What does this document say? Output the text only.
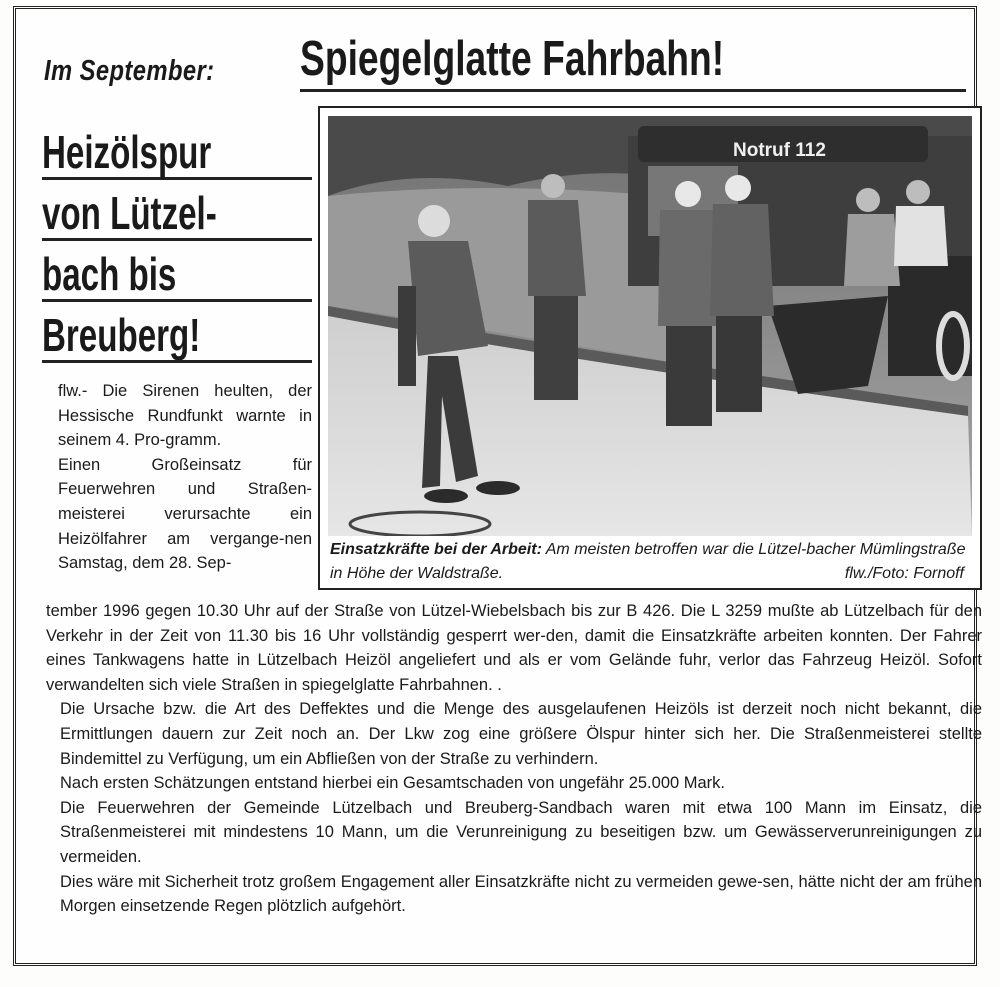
Im September: Spiegelglatte Fahrbahn!
Heizölspur
von Lützel-
bach bis
Breuberg!
Notruf 112
Einsatzkräfte bei der Arbeit: Am meisten betroffen war die Lützel-bacher Mümlingstraße in Höhe der Waldstraße.	flw./Foto: Fornoff
flw.- Die Sirenen heulten, der Hessische Rundfunkt warnte in seinem 4. Pro-gramm.
Einen Großeinsatz für Feuerwehren und Straßen-meisterei verursachte ein Heizölfahrer am vergange-nen Samstag, dem 28. Sep-
tember 1996 gegen 10.30 Uhr auf der Straße von Lützel-Wiebelsbach bis zur B 426. Die L 3259 mußte ab Lützelbach für den Verkehr in der Zeit von 11.30 bis 16 Uhr vollständig gesperrt wer-den, damit die Einsatzkräfte arbeiten konnten. Der Fahrer eines Tankwagens hatte in Lützelbach Heizöl angeliefert und als er vom Gelände fuhr, verlor das Fahrzeug Heizöl. Sofort verwandelten sich viele Straßen in spiegelglatte Fahrbahnen. .
Die Ursache bzw. die Art des Deffektes und die Menge des ausgelaufenen Heizöls ist derzeit noch nicht bekannt, die Ermittlungen dauern zur Zeit noch an. Der Lkw zog eine größere Ölspur hinter sich her. Die Straßenmeisterei stellte Bindemittel zu Verfügung, um ein Abfließen von der Straße zu verhindern.
Nach ersten Schätzungen entstand hierbei ein Gesamtschaden von ungefähr 25.000 Mark.
Die Feuerwehren der Gemeinde Lützelbach und Breuberg-Sandbach waren mit etwa 100 Mann im Einsatz, die Straßenmeisterei mit mindestens 10 Mann, um die Verunreinigung zu beseitigen bzw. um Gewässerverunreinigungen zu vermeiden.
Dies wäre mit Sicherheit trotz großem Engagement aller Einsatzkräfte nicht zu vermeiden gewe-sen, hätte nicht der am frühen Morgen einsetzende Regen plötzlich aufgehört.
